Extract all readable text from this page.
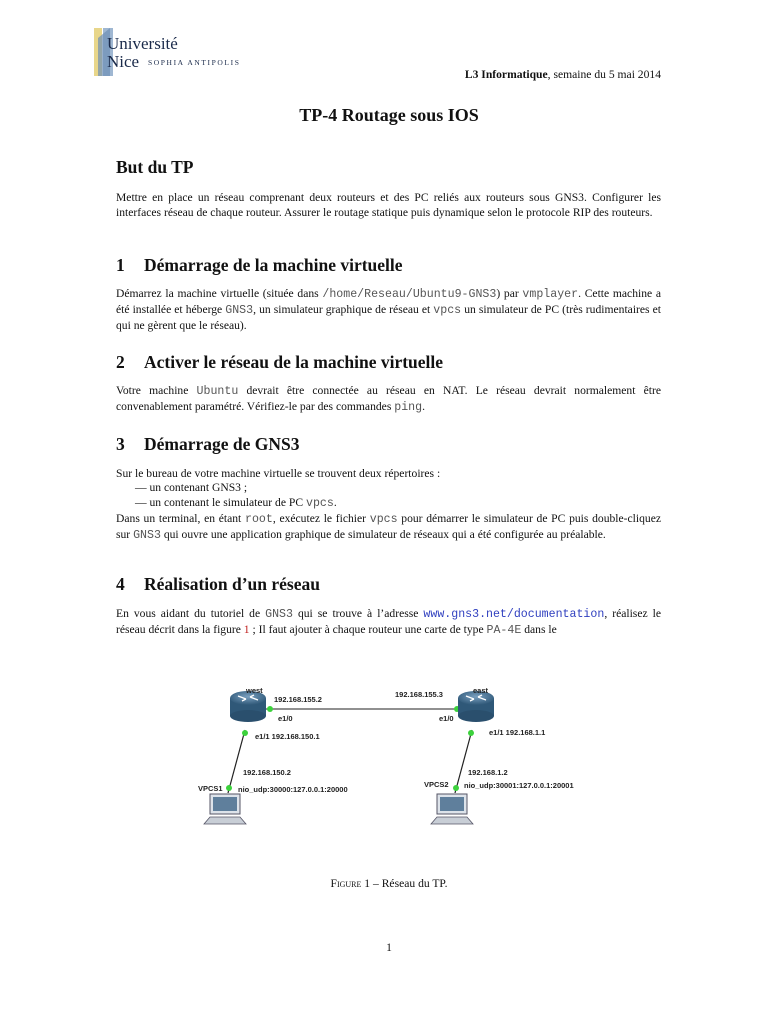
Université
Nice SOPHIA ANTIPOLIS
L3 Informatique, semaine du 5 mai 2014
TP-4 Routage sous IOS
But du TP

Mettre en place un réseau comprenant deux routeurs et des PC reliés aux routeurs sous GNS3. Configurer les interfaces réseau de chaque routeur. Assurer le routage statique puis dynamique selon le protocole RIP des routeurs.

1 Démarrage de la machine virtuelle

Démarrez la machine virtuelle (située dans /home/Reseau/Ubuntu9-GNS3) par vmplayer. Cette machine a été installée et héberge GNS3, un simulateur graphique de réseau et vpcs un simulateur de PC (très rudimentaires et qui ne gèrent que le réseau).

2 Activer le réseau de la machine virtuelle

Votre machine Ubuntu devrait être connectée au réseau en NAT. Le réseau devrait normalement être convenablement paramétré. Vérifiez-le par des commandes ping.

3 Démarrage de GNS3

Sur le bureau de votre machine virtuelle se trouvent deux répertoires :

— un contenant GNS3 ;
— un contenant le simulateur de PC vpcs.

Dans un terminal, en étant root, exécutez le fichier vpcs pour démarrer le simulateur de PC puis double-cliquez sur GNS3 qui ouvre une application graphique de simulateur de réseaux qui a été configurée au préalable.

4 Réalisation d’un réseau

En vous aidant du tutoriel de GNS3 qui se trouve à l’adresse www.gns3.net/documentation, réalisez le réseau décrit dans la figure 1 ; Il faut ajouter à chaque routeur une carte de type PA-4E dans le

west	east
192.168.155.2
192.168.155.3
e1/0	e1/0
e1/1 192.168.150.1	e1/1 192.168.1.1
192.168.150.2	192.168.1.2
VPCS1	VPCS2
nio_udp:30000:127.0.0.1:20000	nio_udp:30001:127.0.0.1:20001
Figure 1 – Réseau du TP.
1
